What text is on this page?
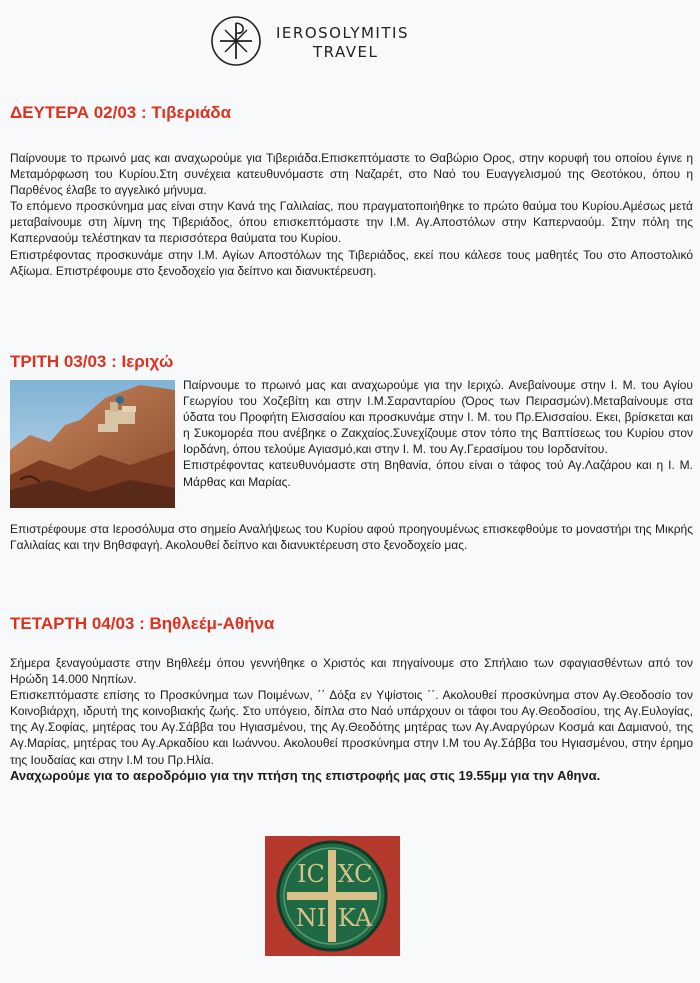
IEROSOLYMITIS
TRAVEL
ΔΕΥΤΕΡΑ 02/03 : Τιβεριάδα

Παίρνουμε το πρωινό μας και αναχωρούμε για Τιβεριάδα.Επισκεπτόμαστε το Θαβώριο Ορος, στην κορυφή του οποίου έγινε η Μεταμόρφωση του Κυρίου.Στη συνέχεια κατευθυνόμαστε στη Ναζαρέτ, στο Ναό του Ευαγγελισμού της Θεοτόκου, όπου η Παρθένος έλαβε το αγγελικό μήνυμα.

Το επόμενο προσκύνημα μας είναι στην Κανά της Γαλιλαίας, που πραγματοποιήθηκε το πρώτο θαύμα του Κυρίου.Αμέσως μετά μεταβαίνουμε στη λίμνη της Τιβεριάδος, όπου επισκεπτόμαστε την Ι.Μ. Αγ.Αποστόλων στην Καπερναούμ. Στην πόλη της Καπερναούμ τελέστηκαν τα περισσότερα θαύματα του Κυρίου.

Επιστρέφοντας προσκυνάμε στην Ι.Μ. Αγίων Αποστόλων της Τιβεριάδος, εκεί που κάλεσε τους μαθητές Του στο Αποστολικό Αξίωμα. Επιστρέφουμε στο ξενοδοχείο για δείπνο και διανυκτέρευση.

ΤΡΙΤΗ 03/03 : Ιεριχώ

Παίρνουμε το πρωινό μας και αναχωρούμε για την Ιεριχώ. Ανεβαίνουμε στην Ι. Μ. του Αγίου Γεωργίου του Χοζεβίτη και στην Ι.Μ.Σαρανταρίου (Όρος των Πειρασμών).Μεταβαίνουμε στα ύδατα του Προφήτη Ελισσαίου και προσκυνάμε στην Ι. Μ. του Πρ.Ελισσαίου. Εκει, βρίσκεται και η Συκομορέα που ανέβηκε ο Ζακχαίος.Συνεχίζουμε στον τόπο της Βαπτίσεως του Κυρίου στον Ιορδάνη, όπου τελούμε Αγιασμό,και στην Ι. Μ. του Αγ.Γερασίμου του Ιορδανίτου.

Επιστρέφοντας κατευθυνόμαστε στη Βηθανία, όπου είναι ο τάφος τού Αγ.Λαζάρου και η Ι. Μ. Μάρθας και Μαρίας.

Επιστρέφουμε στα Ιεροσόλυμα στο σημείο Αναλήψεως του Κυρίου αφού προηγουμένως επισκεφθούμε το μοναστήρι της Μικρής Γαλιλαίας και την Βηθσφαγή. Ακολουθεί δείπνο και διανυκτέρευση στο ξενοδοχείο μας.

ΤΕΤΑΡΤΗ 04/03 : Βηθλεέμ-Αθήνα

Σήμερα ξεναγούμαστε στην Βηθλεέμ όπου γεννήθηκε ο Χριστός και πηγαίνουμε στο Σπήλαιο των σφαγιασθέντων από τον Ηρώδη 14.000 Νηπίων.

Επισκεπτόμαστε επίσης το Προσκύνημα των Ποιμένων, ΄΄ Δόξα εν Υψίστοις ΄΄. Ακολουθεί προσκύνημα στον Αγ.Θεοδοσίο τον Κοινοβιάρχη, ιδρυτή της κοινοβιακής ζωής. Στο υπόγειο, δίπλα στο Ναό υπάρχουν οι τάφοι του Αγ.Θεοδοσίου, της Αγ.Ευλογίας, της Αγ.Σοφίας, μητέρας του Αγ.Σάββα του Ηγιασμένου, της Αγ.Θεοδότης μητέρας των Αγ.Αναργύρων Κοσμά και Δαμιανού, της Αγ.Μαρίας, μητέρας του Αγ.Αρκαδίου και Ιωάννου. Ακολουθεί προσκύνημα στην Ι.Μ του Αγ.Σάββα του Ηγιασμένου, στην έρημο της Ιουδαίας και στην Ι.Μ του Πρ.Ηλία.

Αναχωρούμε για το αεροδρόμιο για την πτήση της επιστροφής μας στις 19.55μμ για την Αθηνα.

IC XC
NI KA
